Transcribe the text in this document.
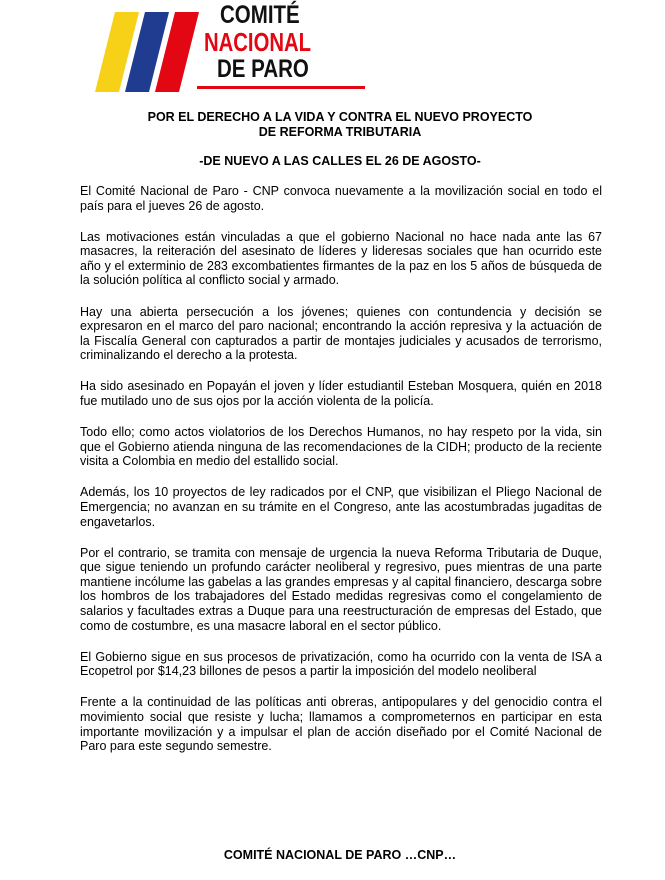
COMITÉ
NACIONAL
DE PARO
POR EL DERECHO A LA VIDA Y CONTRA EL NUEVO PROYECTO
DE REFORMA TRIBUTARIA
-DE NUEVO A LAS CALLES EL 26 DE AGOSTO-

El Comité Nacional de Paro - CNP convoca nuevamente a la movilización social en todo el país para el jueves 26 de agosto.

Las motivaciones están vinculadas a que el gobierno Nacional no hace nada ante las 67 masacres, la reiteración del asesinato de líderes y lideresas sociales que han ocurrido este año y el exterminio de 283 excombatientes firmantes de la paz en los 5 años de búsqueda de la solución política al conflicto social y armado.

Hay una abierta persecución a los jóvenes; quienes con contundencia y decisión se expresaron en el marco del paro nacional; encontrando la acción represiva y la actuación de la Fiscalía General con capturados a partir de montajes judiciales y acusados de terrorismo, criminalizando el derecho a la protesta.

Ha sido asesinado en Popayán el joven y líder estudiantil Esteban Mosquera, quién en 2018 fue mutilado uno de sus ojos por la acción violenta de la policía.

Todo ello; como actos violatorios de los Derechos Humanos, no hay respeto por la vida, sin que el Gobierno atienda ninguna de las recomendaciones de la CIDH; producto de la reciente visita a Colombia en medio del estallido social.

Además, los 10 proyectos de ley radicados por el CNP, que visibilizan el Pliego Nacional de Emergencia; no avanzan en su trámite en el Congreso, ante las acostumbradas jugaditas de engavetarlos.

Por el contrario, se tramita con mensaje de urgencia la nueva Reforma Tributaria de Duque, que sigue teniendo un profundo carácter neoliberal y regresivo, pues mientras de una parte mantiene incólume las gabelas a las grandes empresas y al capital financiero, descarga sobre los hombros de los trabajadores del Estado medidas regresivas como el congelamiento de salarios y facultades extras a Duque para una reestructuración de empresas del Estado, que como de costumbre, es una masacre laboral en el sector público.

El Gobierno sigue en sus procesos de privatización, como ha ocurrido con la venta de ISA a Ecopetrol por $14,23 billones de pesos a partir la imposición del modelo neoliberal

Frente a la continuidad de las políticas anti obreras, antipopulares y del genocidio contra el movimiento social que resiste y lucha; llamamos a comprometernos en participar en esta importante movilización y a impulsar el plan de acción diseñado por el Comité Nacional de Paro para este segundo semestre.

COMITÉ NACIONAL DE PARO …CNP…
